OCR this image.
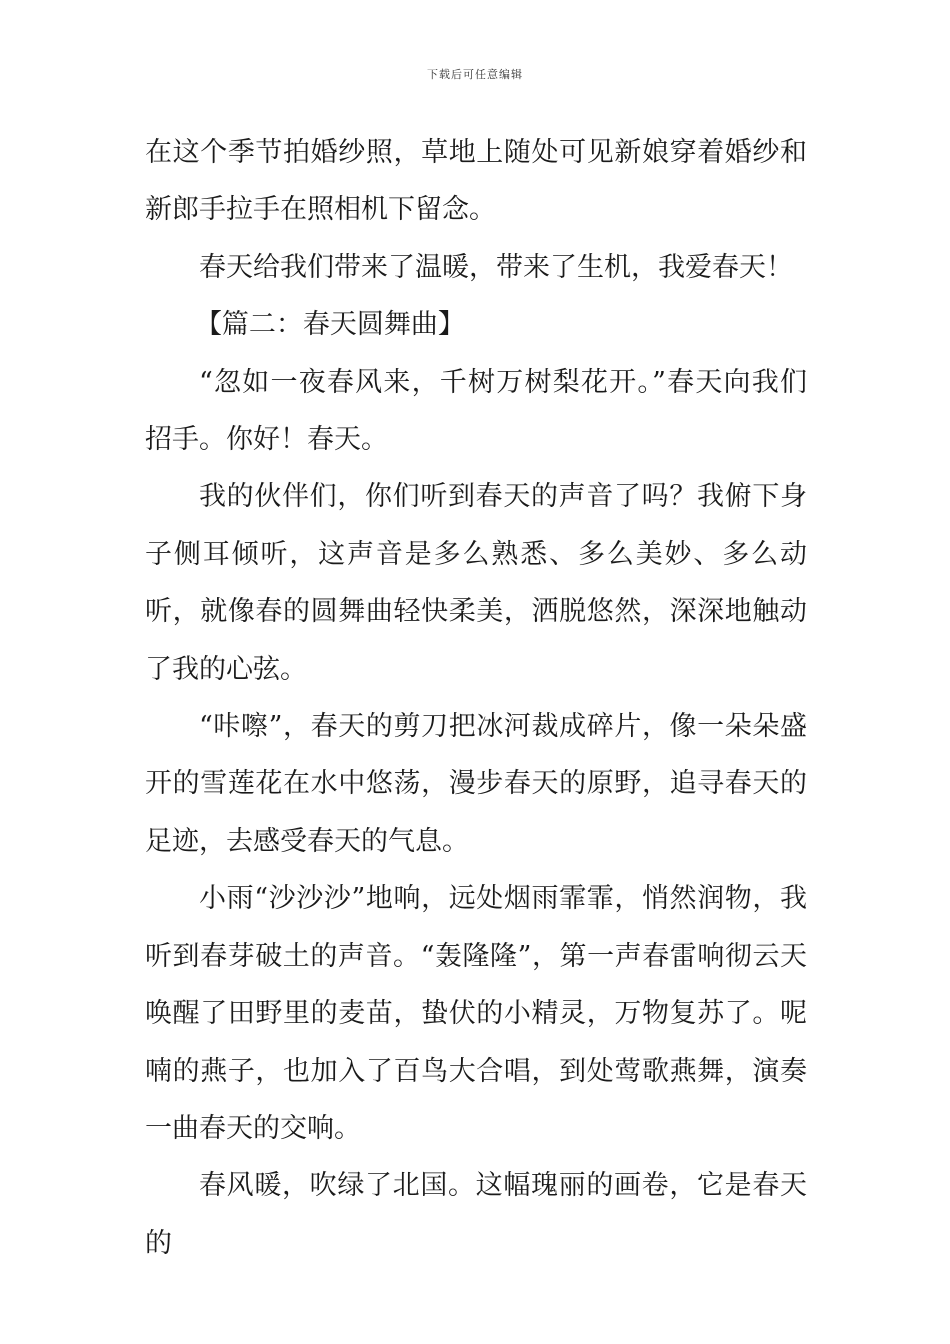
下载后可任意编辑

在这个季节拍婚纱照，草地上随处可见新娘穿着婚纱和新郎手拉手在照相机下留念。

春天给我们带来了温暖，带来了生机，我爱春天！

【篇二：春天圆舞曲】

“忽如一夜春风来，千树万树梨花开。”春天向我们招手。你好！春天。

我的伙伴们，你们听到春天的声音了吗？我俯下身子侧耳倾听，这声音是多么熟悉、多么美妙、多么动听，就像春的圆舞曲轻快柔美，洒脱悠然，深深地触动了我的心弦。

“咔嚓”，春天的剪刀把冰河裁成碎片，像一朵朵盛开的雪莲花在水中悠荡，漫步春天的原野，追寻春天的足迹，去感受春天的气息。

小雨“沙沙沙”地响，远处烟雨霏霏，悄然润物，我听到春芽破土的声音。“轰隆隆”，第一声春雷响彻云天唤醒了田野里的麦苗，蛰伏的小精灵，万物复苏了。呢喃的燕子，也加入了百鸟大合唱，到处莺歌燕舞，演奏一曲春天的交响。

春风暖，吹绿了北国。这幅瑰丽的画卷，它是春天的
